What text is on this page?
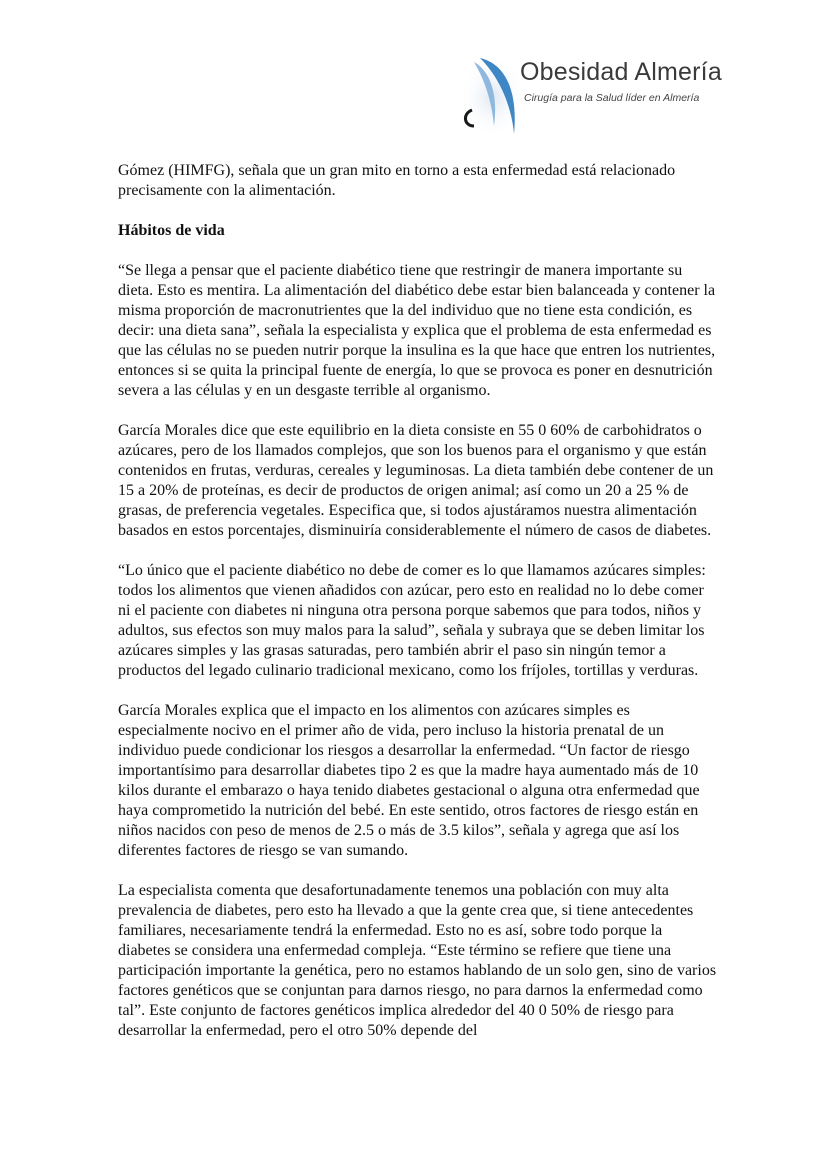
Obesidad Almería
Cirugía para la Salud líder en Almería

Gómez (HIMFG), señala que un gran mito en torno a esta enfermedad está relacionado precisamente con la alimentación.

Hábitos de vida

“Se llega a pensar que el paciente diabético tiene que restringir de manera importante su dieta. Esto es mentira. La alimentación del diabético debe estar bien balanceada y contener la misma proporción de macronutrientes que la del individuo que no tiene esta condición, es decir: una dieta sana”, señala la especialista y explica que el problema de esta enfermedad es que las células no se pueden nutrir porque la insulina es la que hace que entren los nutrientes, entonces si se quita la principal fuente de energía, lo que se provoca es poner en desnutrición severa a las células y en un desgaste terrible al organismo.

García Morales dice que este equilibrio en la dieta consiste en 55 0 60% de carbohidratos o azúcares, pero de los llamados complejos, que son los buenos para el organismo y que están contenidos en frutas, verduras, cereales y leguminosas. La dieta también debe contener de un 15 a 20% de proteínas, es decir de productos de origen animal; así como un 20 a 25 % de grasas, de preferencia vegetales. Especifica que, si todos ajustáramos nuestra alimentación basados en estos porcentajes, disminuiría considerablemente el número de casos de diabetes.

“Lo único que el paciente diabético no debe de comer es lo que llamamos azúcares simples: todos los alimentos que vienen añadidos con azúcar, pero esto en realidad no lo debe comer ni el paciente con diabetes ni ninguna otra persona porque sabemos que para todos, niños y adultos, sus efectos son muy malos para la salud”, señala y subraya que se deben limitar los azúcares simples y las grasas saturadas, pero también abrir el paso sin ningún temor a productos del legado culinario tradicional mexicano, como los fríjoles, tortillas y verduras.

García Morales explica que el impacto en los alimentos con azúcares simples es especialmente nocivo en el primer año de vida, pero incluso la historia prenatal de un individuo puede condicionar los riesgos a desarrollar la enfermedad. “Un factor de riesgo importantísimo para desarrollar diabetes tipo 2 es que la madre haya aumentado más de 10 kilos durante el embarazo o haya tenido diabetes gestacional o alguna otra enfermedad que haya comprometido la nutrición del bebé. En este sentido, otros factores de riesgo están en niños nacidos con peso de menos de 2.5 o más de 3.5 kilos”, señala y agrega que así los diferentes factores de riesgo se van sumando.

La especialista comenta que desafortunadamente tenemos una población con muy alta prevalencia de diabetes, pero esto ha llevado a que la gente crea que, si tiene antecedentes familiares, necesariamente tendrá la enfermedad. Esto no es así, sobre todo porque la diabetes se considera una enfermedad compleja. “Este término se refiere que tiene una participación importante la genética, pero no estamos hablando de un solo gen, sino de varios factores genéticos que se conjuntan para darnos riesgo, no para darnos la enfermedad como tal”. Este conjunto de factores genéticos implica alrededor del 40 0 50% de riesgo para desarrollar la enfermedad, pero el otro 50% depende del
